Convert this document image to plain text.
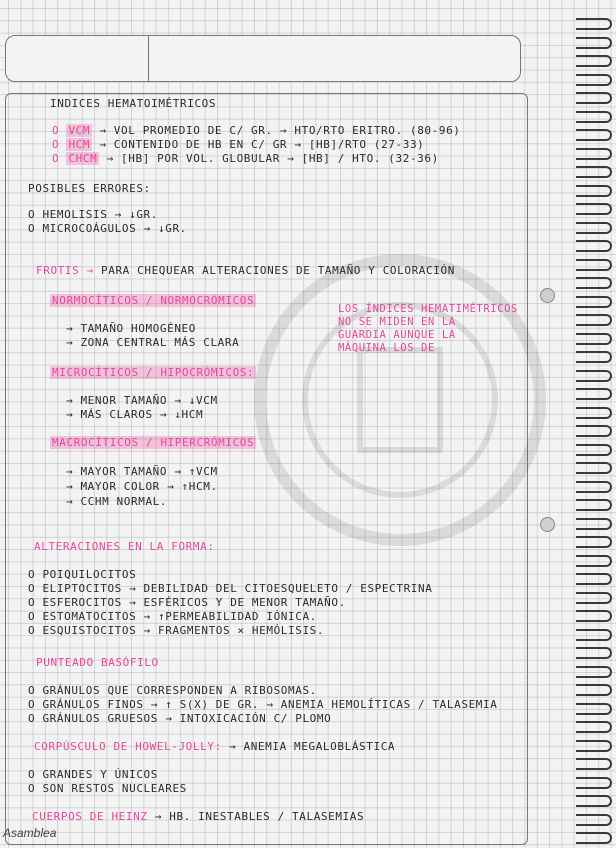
INDICES HEMATOIMÉTRICOS
O VCM → VOL PROMEDIO DE C/ GR. → HTO/RTO ERITRO. (80-96)
O HCM → CONTENIDO DE HB EN C/ GR → [HB]/RTO (27-33)
O CHCM → [HB] POR VOL. GLOBULAR → [HB] / HTO. (32-36)
POSIBLES ERRORES:
O HEMOLISIS → ↓GR.
O MICROCOÁGULOS → ↓GR.
FROTIS → PARA CHEQUEAR ALTERACIONES DE TAMAÑO Y COLORACIÓN
NORMOCÍTICOS / NORMOCRÓMICOS
→ TAMAÑO HOMOGÉNEO
→ ZONA CENTRAL MÁS CLARA
LOS ÍNDICES HEMATIMÉTRICOS
NO SE MIDEN EN LA
GUARDIA AUNQUE LA
MÁQUINA LOS DE
MICROCÍTICOS / HIPOCRÓMICOS:
→ MENOR TAMAÑO → ↓VCM
→ MÁS CLAROS → ↓HCM
MACROCÍTICOS / HIPERCRÓMICOS
→ MAYOR TAMAÑO → ↑VCM
→ MAYOR COLOR → ↑HCM.
→ CCHM NORMAL.
ALTERACIONES EN LA FORMA:
O POIQUILOCITOS
O ELIPTOCITOS → DEBILIDAD DEL CITOESQUELETO / ESPECTRINA
O ESFEROCITOS → ESFÉRICOS Y DE MENOR TAMAÑO.
O ESTOMATOCITOS → ↑PERMEABILIDAD IÓNICA.
O ESQUISTOCITOS → FRAGMENTOS × HEMÓLISIS.
PUNTEADO BASÓFILO
O GRÁNULOS QUE CORRESPONDEN A RIBOSOMAS.
O GRÁNULOS FINOS → ↑ S(X) DE GR. → ANEMIA HEMOLÍTICAS / TALASEMIA
O GRÁNULOS GRUESOS → INTOXICACIÓN C/ PLOMO
CORPÚSCULO DE HOWEL-JOLLY: → ANEMIA MEGALOBLÁSTICA
O GRANDES Y ÚNICOS
O SON RESTOS NUCLEARES
CUERPOS DE HEINZ → HB. INESTABLES / TALASEMIAS
Asamblea
